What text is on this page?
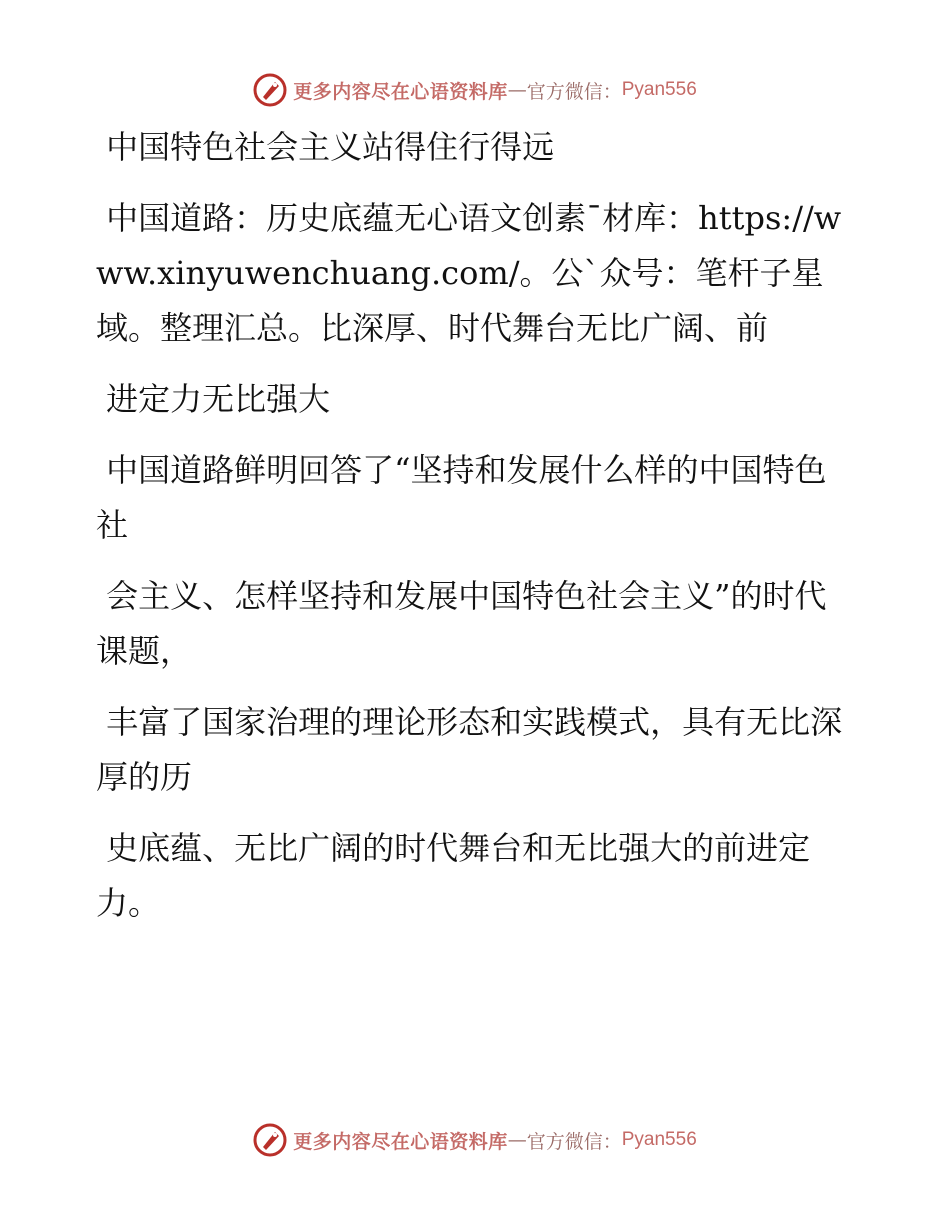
更多内容尽在心语资料库 — 官方微信： Pyan556

中国特色社会主义站得住行得远

中国道路：历史底蕴无心语文创素¯材库：https://www.xinyuwenchuang.com/。公`众号：笔杆子星域。整理汇总。比深厚、时代舞台无比广阔、前

进定力无比强大

中国道路鲜明回答了“坚持和发展什么样的中国特色社

会主义、怎样坚持和发展中国特色社会主义”的时代课题，

丰富了国家治理的理论形态和实践模式，具有无比深厚的历

史底蕴、无比广阔的时代舞台和无比强大的前进定力。

更多内容尽在心语资料库 — 官方微信： Pyan556
